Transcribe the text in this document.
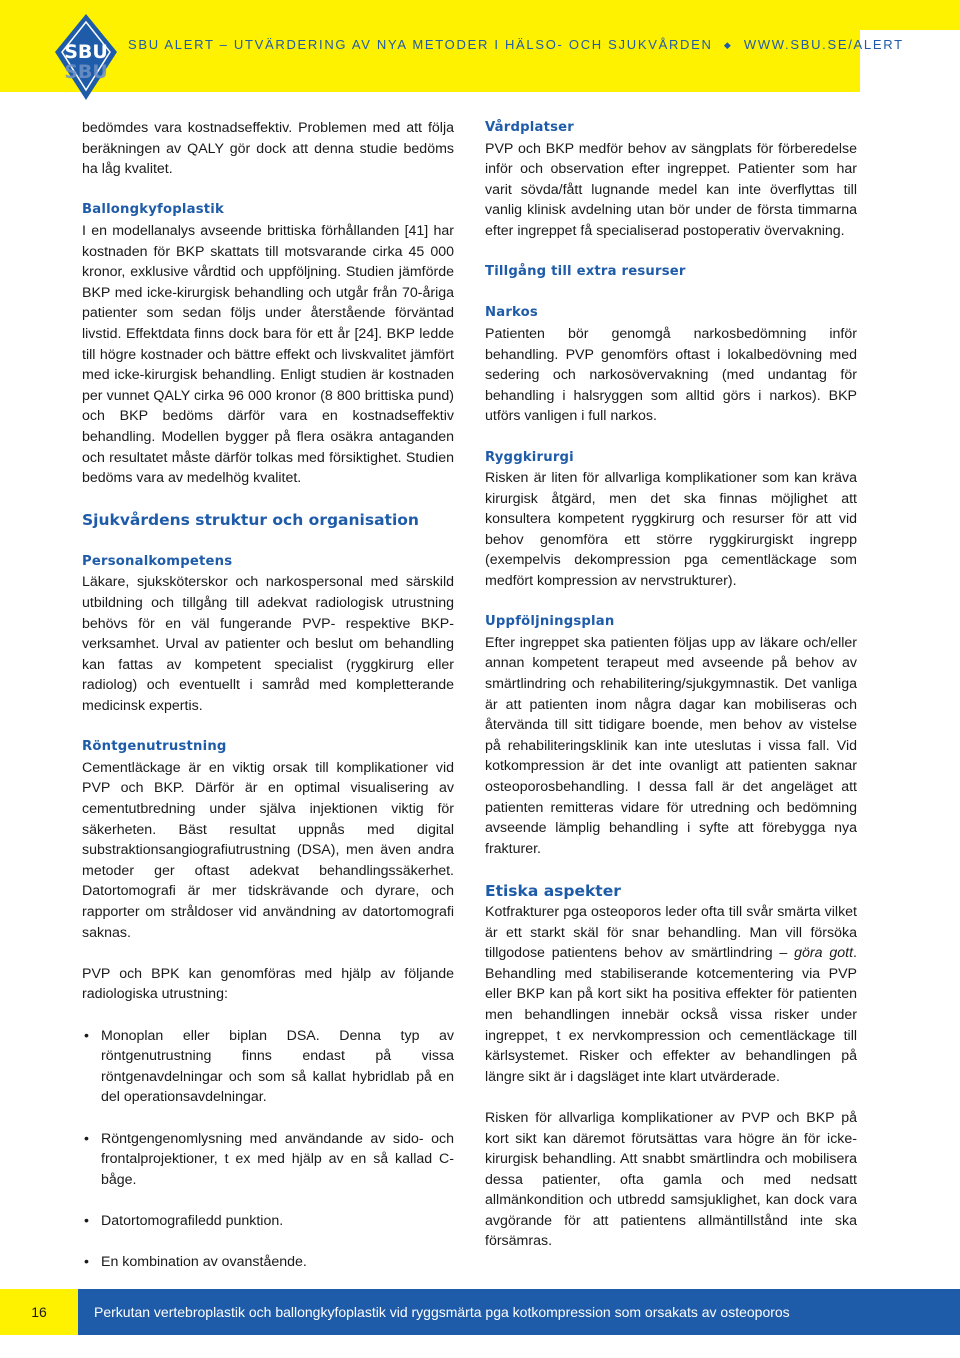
SBU
SBU
SBU ALERT – UTVÄRDERING AV NYA METODER I HÄLSO- OCH SJUKVÅRDEN ◆ WWW.SBU.SE/ALERT

bedömdes vara kostnadseffektiv. Problemen med att följa beräkningen av QALY gör dock att denna studie bedöms ha låg kvalitet.

Ballongkyfoplastik

I en modellanalys avseende brittiska förhållanden [41] har kostnaden för BKP skattats till motsvarande cirka 45 000 kronor, exklusive vårdtid och uppföljning. Studien jämförde BKP med icke-kirurgisk behandling och utgår från 70-åriga patienter som sedan följs under återstående förväntad livstid. Effektdata finns dock bara för ett år [24]. BKP ledde till högre kostnader och bättre effekt och livskvalitet jämfört med icke-kirurgisk behandling. Enligt studien är kostnaden per vunnet QALY cirka 96 000 kronor (8 800 brittiska pund) och BKP bedöms därför vara en kostnadseffektiv behandling. Modellen bygger på flera osäkra antaganden och resultatet måste därför tolkas med försiktighet. Studien bedöms vara av medelhög kvalitet.

Sjukvårdens struktur och organisation
Personalkompetens

Läkare, sjuksköterskor och narkospersonal med särskild utbildning och tillgång till adekvat radiologisk utrustning behövs för en väl fungerande PVP- respektive BKP-verksamhet. Urval av patienter och beslut om behandling kan fattas av kompetent specialist (ryggkirurg eller radiolog) och eventuellt i samråd med kompletterande medicinsk expertis.

Röntgenutrustning

Cementläckage är en viktig orsak till komplikationer vid PVP och BKP. Därför är en optimal visualisering av cementutbredning under själva injektionen viktig för säkerheten. Bäst resultat uppnås med digital substraktionsangiografiutrustning (DSA), men även andra metoder ger oftast adekvat behandlingssäkerhet. Datortomografi är mer tidskrävande och dyrare, och rapporter om stråldoser vid användning av datortomografi saknas.

PVP och BPK kan genomföras med hjälp av följande radiologiska utrustning:

• Monoplan eller biplan DSA. Denna typ av röntgenutrustning finns endast på vissa röntgenavdelningar och som så kallat hybridlab på en del operationsavdelningar.
• Röntgengenomlysning med användande av sido- och frontalprojektioner, t ex med hjälp av en så kallad C-båge.
• Datortomografiledd punktion.
• En kombination av ovanstående.
Vårdplatser

PVP och BKP medför behov av sängplats för förberedelse inför och observation efter ingreppet. Patienter som har varit sövda/fått lugnande medel kan inte överflyttas till vanlig klinisk avdelning utan bör under de första timmarna efter ingreppet få specialiserad postoperativ övervakning.

Tillgång till extra resurser
Narkos

Patienten bör genomgå narkosbedömning inför behandling. PVP genomförs oftast i lokalbedövning med sedering och narkosövervakning (med undantag för behandling i halsryggen som alltid görs i narkos). BKP utförs vanligen i full narkos.

Ryggkirurgi

Risken är liten för allvarliga komplikationer som kan kräva kirurgisk åtgärd, men det ska finnas möjlighet att konsultera kompetent ryggkirurg och resurser för att vid behov genomföra ett större ryggkirurgiskt ingrepp (exempelvis dekompression pga cementläckage som medfört kompression av nervstrukturer).

Uppföljningsplan

Efter ingreppet ska patienten följas upp av läkare och/eller annan kompetent terapeut med avseende på behov av smärtlindring och rehabilitering/sjukgymnastik. Det vanliga är att patienten inom några dagar kan mobiliseras och återvända till sitt tidigare boende, men behov av vistelse på rehabiliteringsklinik kan inte uteslutas i vissa fall. Vid kotkompression är det inte ovanligt att patienten saknar osteoporosbehandling. I dessa fall är det angeläget att patienten remitteras vidare för utredning och bedömning avseende lämplig behandling i syfte att förebygga nya frakturer.

Etiska aspekter

Kotfrakturer pga osteoporos leder ofta till svår smärta vilket är ett starkt skäl för snar behandling. Man vill försöka tillgodose patientens behov av smärtlindring – göra gott. Behandling med stabiliserande kotcementering via PVP eller BKP kan på kort sikt ha positiva effekter för patienten men behandlingen innebär också vissa risker under ingreppet, t ex nervkompression och cementläckage till kärlsystemet. Risker och effekter av behandlingen på längre sikt är i dagsläget inte klart utvärderade.

Risken för allvarliga komplikationer av PVP och BKP på kort sikt kan däremot förutsättas vara högre än för icke-kirurgisk behandling. Att snabbt smärtlindra och mobilisera dessa patienter, ofta gamla och med nedsatt allmänkondition och utbredd samsjuklighet, kan dock vara avgörande för att patientens allmäntillstånd inte ska försämras.

16	Perkutan vertebroplastik och ballongkyfoplastik vid ryggsmärta pga kotkompression som orsakats av osteoporos
